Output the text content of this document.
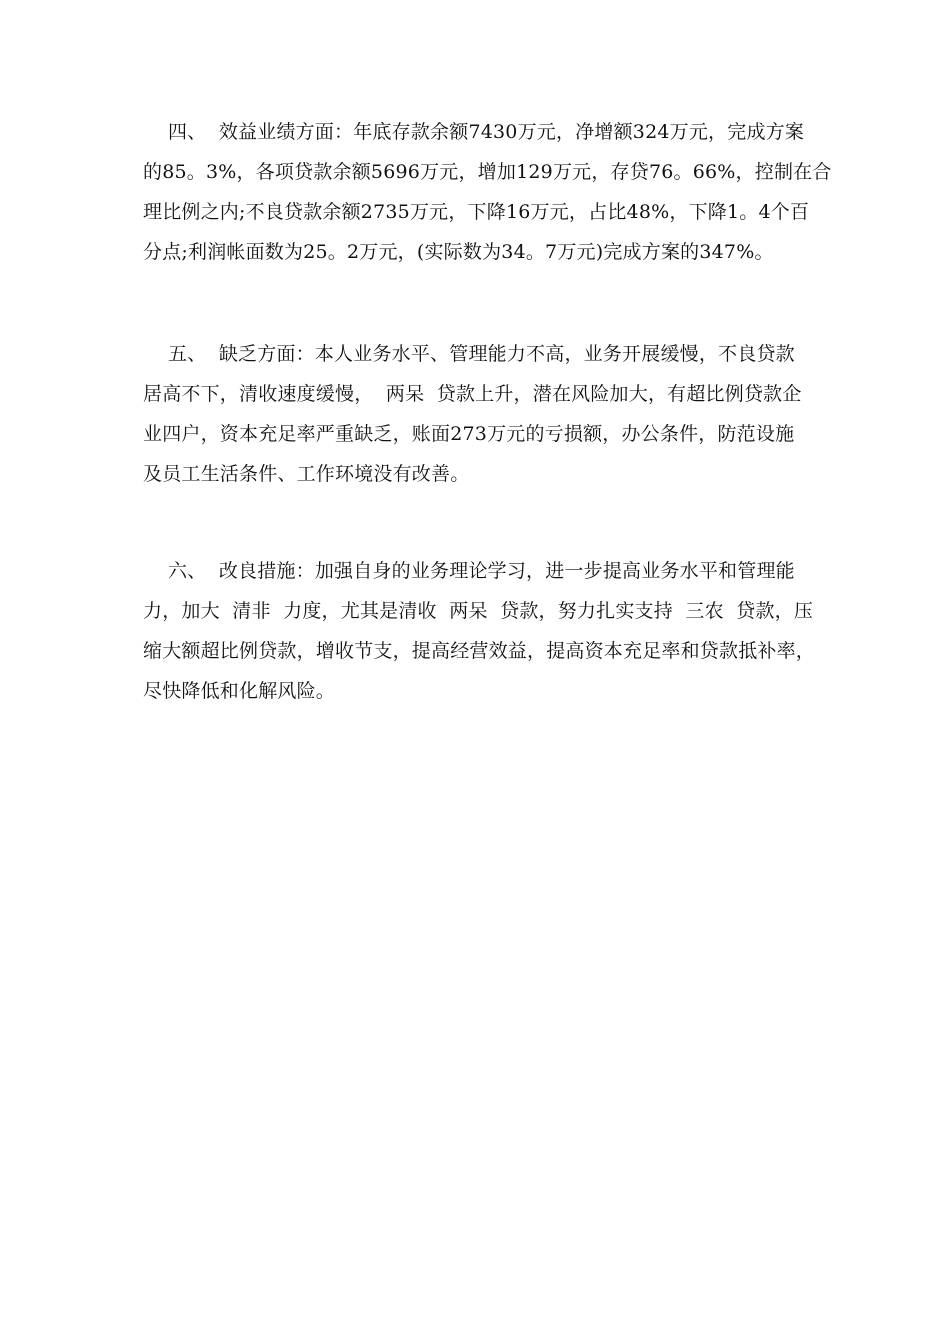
四、  效益业绩方面：年底存款余额7430万元，净增额324万元，完成方案
的85。3%，各项贷款余额5696万元，增加129万元，存贷76。66%，控制在合
理比例之内;不良贷款余额2735万元，下降16万元，占比48%，下降1。4个百
分点;利润帐面数为25。2万元，(实际数为34。7万元)完成方案的347%。
五、  缺乏方面：本人业务水平、管理能力不高，业务开展缓慢，不良贷款
居高不下，清收速度缓慢，  两呆  贷款上升，潜在风险加大，有超比例贷款企
业四户，资本充足率严重缺乏，账面273万元的亏损额，办公条件，防范设施
及员工生活条件、工作环境没有改善。
六、  改良措施：加强自身的业务理论学习，进一步提高业务水平和管理能
力，加大  清非  力度，尤其是清收  两呆  贷款，努力扎实支持  三农  贷款，压
缩大额超比例贷款，增收节支，提高经营效益，提高资本充足率和贷款抵补率，
尽快降低和化解风险。
